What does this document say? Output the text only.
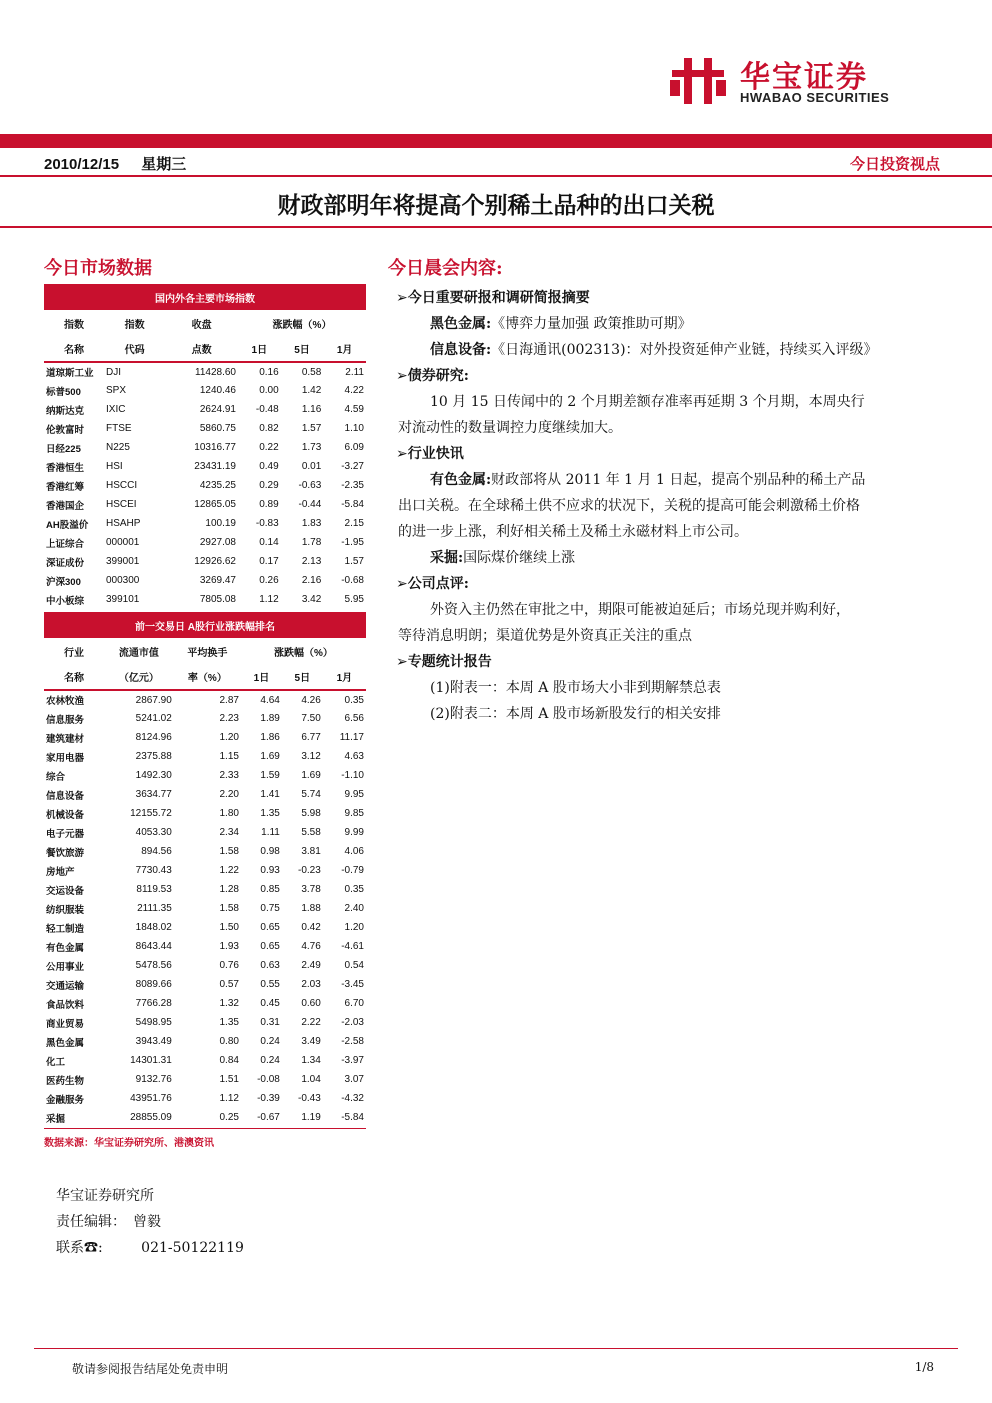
华宝证券
HWABAO SECURITIES
2010/12/15 星期三	今日投资视点
财政部明年将提高个别稀土品种的出口关税
今日市场数据
国内外各主要市场指数					
指数	指数	收盘	涨跌幅（%）		
名称	代码	点数	1日	5日	1月
道琼斯工业	DJI	11428.60	0.16	0.58	2.11
标普500	SPX	1240.46	0.00	1.42	4.22
纳斯达克	IXIC	2624.91	-0.48	1.16	4.59
伦敦富时	FTSE	5860.75	0.82	1.57	1.10
日经225	N225	10316.77	0.22	1.73	6.09
香港恒生	HSI	23431.19	0.49	0.01	-3.27
香港红筹	HSCCI	4235.25	0.29	-0.63	-2.35
香港国企	HSCEI	12865.05	0.89	-0.44	-5.84
AH股溢价	HSAHP	100.19	-0.83	1.83	2.15
上证综合	000001	2927.08	0.14	1.78	-1.95
深证成份	399001	12926.62	0.17	2.13	1.57
沪深300	000300	3269.47	0.26	2.16	-0.68
中小板综	399101	7805.08	1.12	3.42	5.95
前一交易日 A股行业涨跌幅排名					
行业	流通市值	平均换手	涨跌幅（%）		
名称	（亿元）	率（%）	1日	5日	1月
农林牧渔	2867.90	2.87	4.64	4.26	0.35
信息服务	5241.02	2.23	1.89	7.50	6.56
建筑建材	8124.96	1.20	1.86	6.77	11.17
家用电器	2375.88	1.15	1.69	3.12	4.63
综合	1492.30	2.33	1.59	1.69	-1.10
信息设备	3634.77	2.20	1.41	5.74	9.95
机械设备	12155.72	1.80	1.35	5.98	9.85
电子元器	4053.30	2.34	1.11	5.58	9.99
餐饮旅游	894.56	1.58	0.98	3.81	4.06
房地产	7730.43	1.22	0.93	-0.23	-0.79
交运设备	8119.53	1.28	0.85	3.78	0.35
纺织服装	2111.35	1.58	0.75	1.88	2.40
轻工制造	1848.02	1.50	0.65	0.42	1.20
有色金属	8643.44	1.93	0.65	4.76	-4.61
公用事业	5478.56	0.76	0.63	2.49	0.54
交通运输	8089.66	0.57	0.55	2.03	-3.45
食品饮料	7766.28	1.32	0.45	0.60	6.70
商业贸易	5498.95	1.35	0.31	2.22	-2.03
黑色金属	3943.49	0.80	0.24	3.49	-2.58
化工	14301.31	0.84	0.24	1.34	-3.97
医药生物	9132.76	1.51	-0.08	1.04	3.07
金融服务	43951.76	1.12	-0.39	-0.43	-4.32
采掘	28855.09	0.25	-0.67	1.19	-5.84
数据来源：华宝证券研究所、港澳资讯
今日晨会内容:
➢今日重要研报和调研简报摘要
黑色金属:《博弈力量加强 政策推助可期》
信息设备:《日海通讯(002313)：对外投资延伸产业链，持续买入评级》
➢债券研究:
10 月 15 日传闻中的 2 个月期差额存准率再延期 3 个月期，本周央行
对流动性的数量调控力度继续加大。
➢行业快讯
有色金属:财政部将从 2011 年 1 月 1 日起，提高个别品种的稀土产品
出口关税。在全球稀土供不应求的状况下，关税的提高可能会刺激稀土价格
的进一步上涨，利好相关稀土及稀土永磁材料上市公司。
采掘:国际煤价继续上涨
➢公司点评:
外资入主仍然在审批之中，期限可能被迫延后；市场兑现并购利好，
等待消息明朗；渠道优势是外资真正关注的重点
➢专题统计报告
(1)附表一：本周 A 股市场大小非到期解禁总表
(2)附表二：本周 A 股市场新股发行的相关安排
华宝证券研究所
责任编辑：　曾毅
联系☎:	021-50122119
敬请参阅报告结尾处免责申明	1/8
